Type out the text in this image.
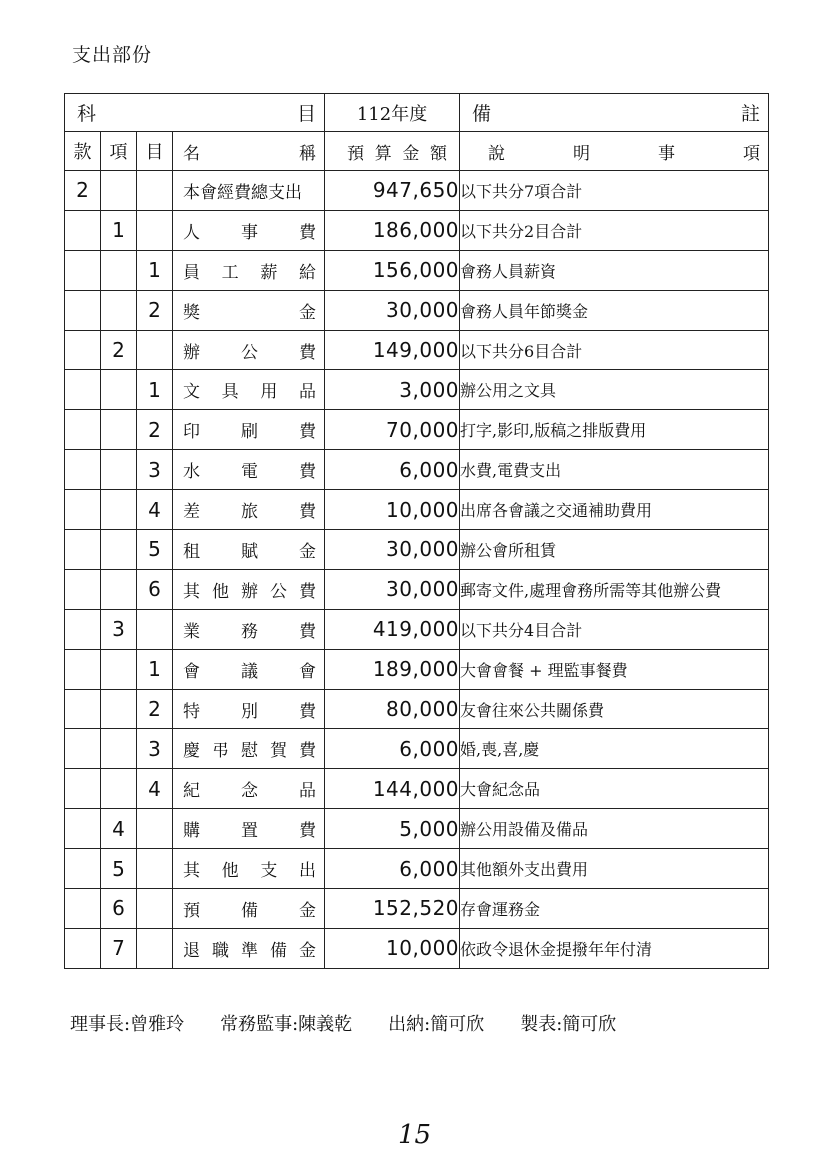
支出部份
科 目				112年度	備 註

款	項	目	名 稱	預 算 金 額	說 明 事 項

2			本會經費總支出	947,650	以下共分7項合計
	1		人 事 費	186,000	以下共分2目合計
		1	員 工 薪 給	156,000	會務人員薪資
		2	獎 金	30,000	會務人員年節獎金
	2		辦 公 費	149,000	以下共分6目合計
		1	文 具 用 品	3,000	辦公用之文具
		2	印 刷 費	70,000	打字,影印,版稿之排版費用
		3	水 電 費	6,000	水費,電費支出
		4	差 旅 費	10,000	出席各會議之交通補助費用
		5	租 賦 金	30,000	辦公會所租賃
		6	其 他 辦 公 費	30,000	郵寄文件,處理會務所需等其他辦公費
	3		業 務 費	419,000	以下共分4目合計
		1	會 議 會	189,000	大會會餐 + 理監事餐費
		2	特 別 費	80,000	友會往來公共關係費
		3	慶 弔 慰 賀 費	6,000	婚,喪,喜,慶
		4	紀 念 品	144,000	大會紀念品
	4		購 置 費	5,000	辦公用設備及備品
	5		其 他 支 出	6,000	其他額外支出費用
	6		預 備 金	152,520	存會運務金
	7		退 職 準 備 金	10,000	依政令退休金提撥年年付清
理事長:曾雅玲 常務監事:陳義乾 出納:簡可欣 製表:簡可欣
15
